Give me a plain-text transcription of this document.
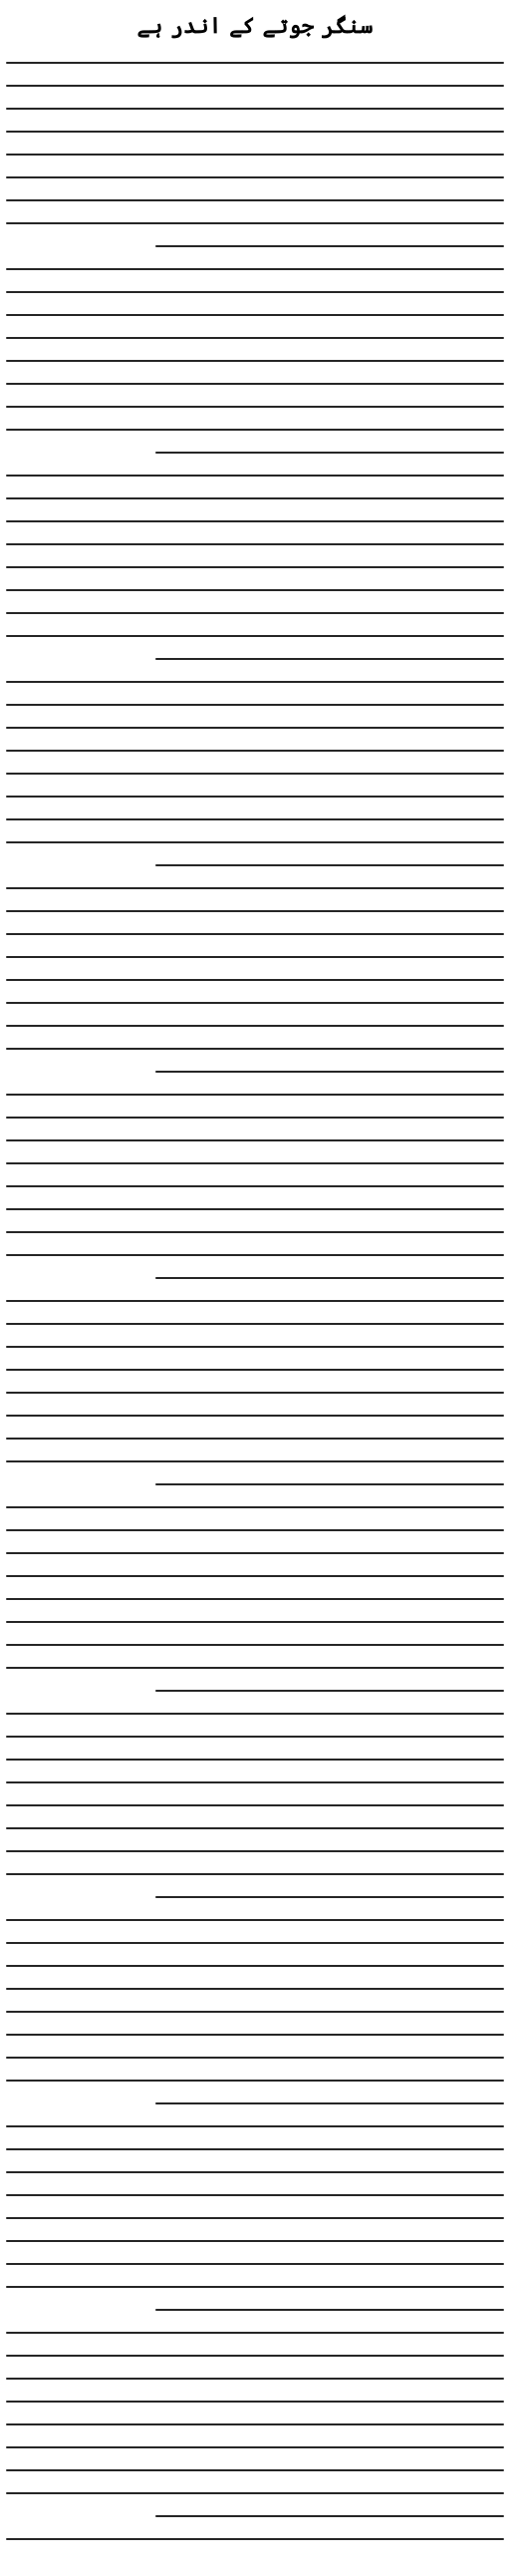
سنگر جوتے کے اندر ہے
